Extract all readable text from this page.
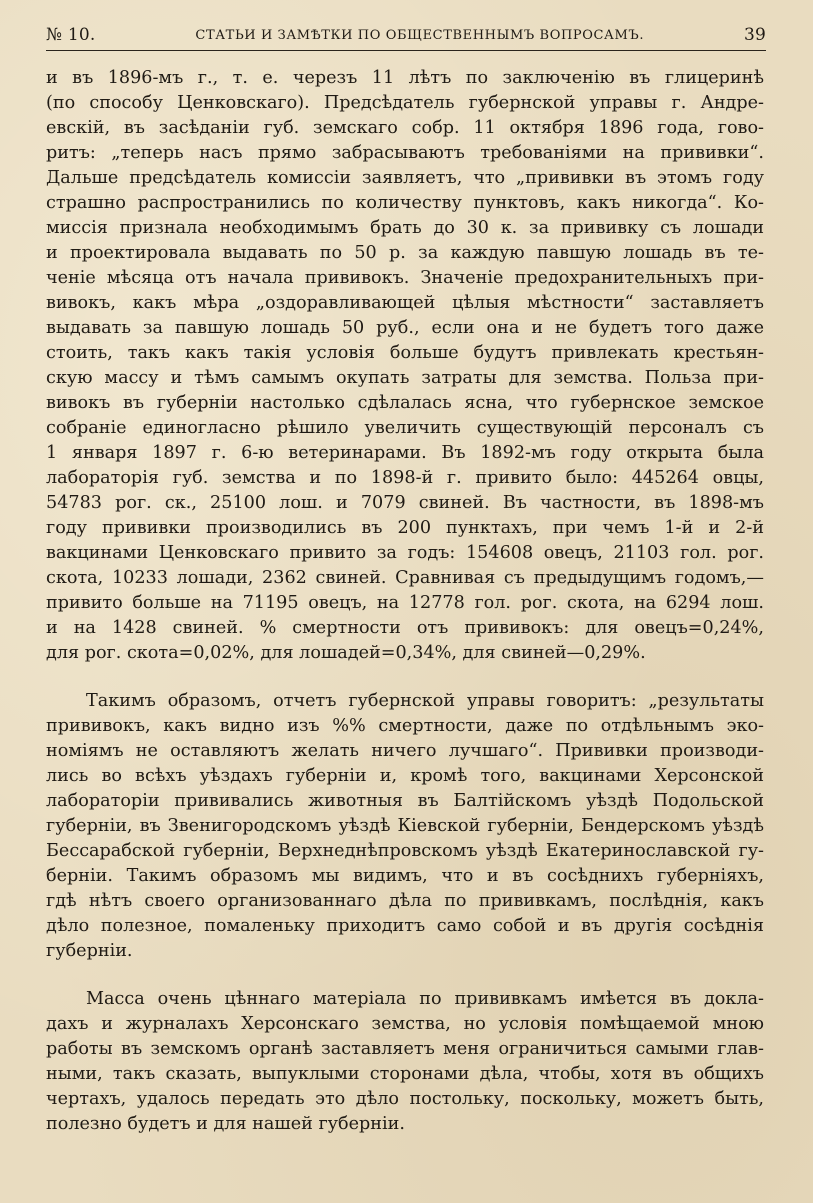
№ 10.	СТАТЬИ И ЗАМѢТКИ ПО ОБЩЕСТВЕННЫМЪ ВОПРОСАМЪ.	39
и въ 1896-мъ г., т. е. черезъ 11 лѣтъ по заключенію въ глицеринѣ
(по способу Ценковскаго). Предсѣдатель губернской управы г. Андре-
евскій, въ засѣданіи губ. земскаго собр. 11 октября 1896 года, гово-
ритъ: „теперь насъ прямо забрасываютъ требованіями на прививки“.
Дальше предсѣдатель комиссіи заявляетъ, что „прививки въ этомъ году
страшно распространились по количеству пунктовъ, какъ никогда“. Ко-
миссія признала необходимымъ брать до 30 к. за прививку съ лошади
и проектировала выдавать по 50 р. за каждую павшую лошадь въ те-
ченіе мѣсяца отъ начала прививокъ. Значеніе предохранительныхъ при-
вивокъ, какъ мѣра „оздоравливающей цѣлыя мѣстности“ заставляетъ
выдавать за павшую лошадь 50 руб., если она и не будетъ того даже
стоить, такъ какъ такія условія больше будутъ привлекать крестьян-
скую массу и тѣмъ самымъ окупать затраты для земства. Польза при-
вивокъ въ губерніи настолько сдѣлалась ясна, что губернское земское
собраніе единогласно рѣшило увеличить существующій персоналъ съ
1 января 1897 г. 6-ю ветеринарами. Въ 1892-мъ году открыта была
лабораторія губ. земства и по 1898-й г. привито было: 445264 овцы,
54783 рог. ск., 25100 лош. и 7079 свиней. Въ частности, въ 1898-мъ
году прививки производились въ 200 пунктахъ, при чемъ 1-й и 2-й
вакцинами Ценковскаго привито за годъ: 154608 овецъ, 21103 гол. рог.
скота, 10233 лошади, 2362 свиней. Сравнивая съ предыдущимъ годомъ,—
привито больше на 71195 овецъ, на 12778 гол. рог. скота, на 6294 лош.
и на 1428 свиней. % смертности отъ прививокъ: для овецъ=0,24%,
для рог. скота=0,02%, для лошадей=0,34%, для свиней—0,29%.
Такимъ образомъ, отчетъ губернской управы говоритъ: „результаты
прививокъ, какъ видно изъ %% смертности, даже по отдѣльнымъ эко-
номіямъ не оставляютъ желать ничего лучшаго“. Прививки производи-
лись во всѣхъ уѣздахъ губерніи и, кромѣ того, вакцинами Херсонской
лабораторіи прививались животныя въ Балтійскомъ уѣздѣ Подольской
губерніи, въ Звенигородскомъ уѣздѣ Кіевской губерніи, Бендерскомъ уѣздѣ
Бессарабской губерніи, Верхнеднѣпровскомъ уѣздѣ Екатеринославской гу-
берніи. Такимъ образомъ мы видимъ, что и въ сосѣднихъ губерніяхъ,
гдѣ нѣтъ своего организованнаго дѣла по прививкамъ, послѣднія, какъ
дѣло полезное, помаленьку приходитъ само собой и въ другія сосѣднія
губерніи.
Масса очень цѣннаго матеріала по прививкамъ имѣется въ докла-
дахъ и журналахъ Херсонскаго земства, но условія помѣщаемой мною
работы въ земскомъ органѣ заставляетъ меня ограничиться самыми глав-
ными, такъ сказать, выпуклыми сторонами дѣла, чтобы, хотя въ общихъ
чертахъ, удалось передать это дѣло постольку, поскольку, можетъ быть,
полезно будетъ и для нашей губерніи.
